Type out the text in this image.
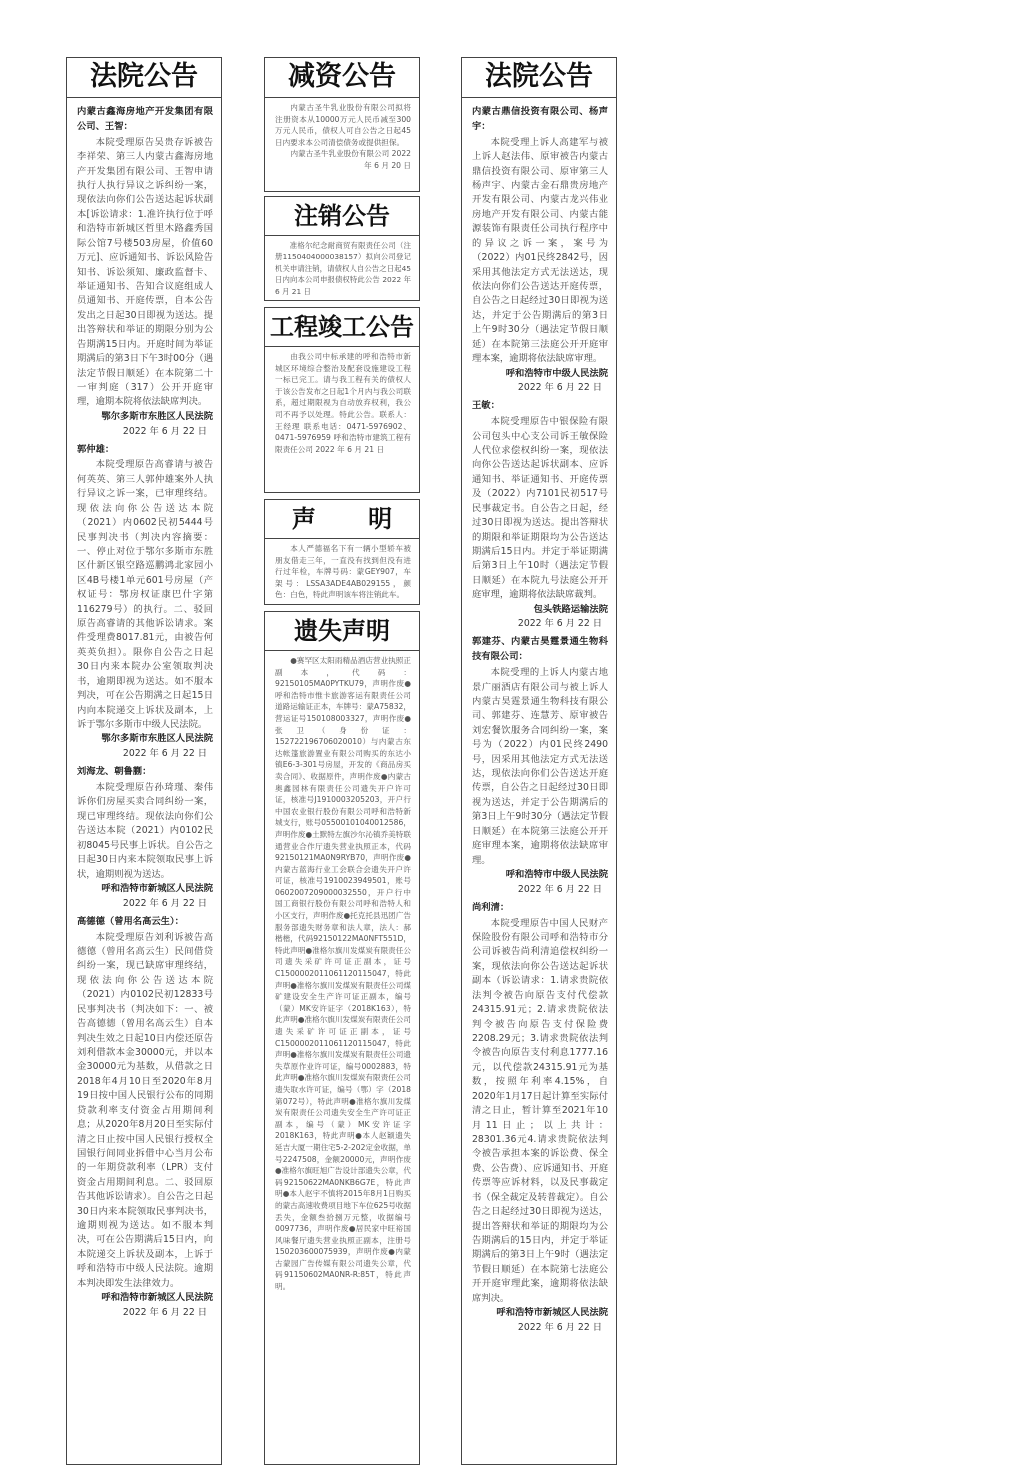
法院公告

内蒙古鑫海房地产开发集团有限公司、王智：

本院受理原告吴贵存诉被告李祥荣、第三人内蒙古鑫海房地产开发集团有限公司、王智申请执行人执行异议之诉纠纷一案，现依法向你们公告送达起诉状副本[诉讼请求：1.准许执行位于呼和浩特市新城区哲里木路鑫秀国际公馆7号楼503房屋，价值60万元]、应诉通知书、诉讼风险告知书、诉讼须知、廉政监督卡、举证通知书、告知合议庭组成人员通知书、开庭传票，自本公告发出之日起30日即视为送达。提出答辩状和举证的期限分别为公告期满15日内。开庭时间为举证期满后的第3日下午3时00分（遇法定节假日顺延）在本院第二十一审判庭（317）公开开庭审理，逾期本院将依法缺席判决。

鄂尔多斯市东胜区人民法院

2022 年 6 月 22 日

郭仲雄：

本院受理原告高睿请与被告何英英、第三人郭仲雄案外人执行异议之诉一案，已审理终结。现依法向你公告送达本院（2021）内0602民初5444号民事判决书（判决内容摘要：一、停止对位于鄂尔多斯市东胜区什新区银空路巡鹏鸿北家园小区4B号楼1单元601号房屋（产权证号：鄂房权证康巴什字第116279号）的执行。二、驳回原告高睿请的其他诉讼请求。案件受理费8017.81元，由被告何英英负担）。限你自公告之日起30日内来本院办公室领取判决书，逾期即视为送达。如不服本判决，可在公告期满之日起15日内向本院递交上诉状及副本，上诉于鄂尔多斯市中级人民法院。

鄂尔多斯市东胜区人民法院

2022 年 6 月 22 日

刘海龙、朝鲁蒯：

本院受理原告孙琦瑾、秦伟诉你们房屋买卖合同纠纷一案，现已审理终结。现依法向你们公告送达本院（2021）内0102民初8045号民事上诉状。自公告之日起30日内来本院领取民事上诉状，逾期则视为送达。

呼和浩特市新城区人民法院

2022 年 6 月 22 日

高德德（曾用名高云生）：

本院受理原告刘利诉被告高德德（曾用名高云生）民间借贷纠纷一案，现已缺席审理终结，现依法向你公告送达本院（2021）内0102民初12833号民事判决书（判决如下：一、被告高德德（曾用名高云生）自本判决生效之日起10日内偿还原告刘利借款本金30000元，并以本金30000元为基数，从借款之日2018年4月10日至2020年8月19日按中国人民银行公布的同期贷款利率支付资金占用期间利息；从2020年8月20日至实际付清之日止按中国人民银行授权全国银行间同业拆借中心当月公布的一年期贷款利率（LPR）支付资金占用期间利息。二、驳回原告其他诉讼请求）。自公告之日起30日内来本院领取民事判决书，逾期则视为送达。如不服本判决，可在公告期满后15日内，向本院递交上诉状及副本，上诉于呼和浩特市中级人民法院。逾期本判决即发生法律效力。

呼和浩特市新城区人民法院

2022 年 6 月 22 日

减资公告

内蒙古圣牛乳业股份有限公司拟将注册资本从10000万元人民币减至300万元人民币，债权人可自公告之日起45日内要求本公司清偿债务或提供担保。

内蒙古圣牛乳业股份有限公司 2022 年 6 月 20 日

注销公告

准格尔纪念耐商贸有限责任公司（注册1150404000038157）拟向公司登记机关申请注销，请债权人自公告之日起45日内向本公司申报债权特此公告 2022 年 6 月 21 日

工程竣工公告

由我公司中标承建的呼和浩特市新城区环境综合整治及配套设施建设工程一标已完工。请与我工程有关的债权人于该公告发布之日起1个月内与我公司联系，超过期限视为自动放弃权利，我公司不再予以处理。特此公告。联系人：王经理 联系电话：0471-5976902、0471-5976959 呼和浩特市建筑工程有限责任公司 2022 年 6 月 21 日

声 明

本人严德福名下有一辆小型轿车被朋友借走三年，一直没有找到但没有进行过年检，车牌号码：蒙GEY907，车架号：LSSA3ADE4AB029155，颜色：白色，特此声明该车将注销此车。

遗失声明

●赛罕区太阳雨精品酒店营业执照正副本，代码：92150105MA0PYTKU79，声明作废●呼和浩特市惟卡旅游客运有限责任公司道路运输证正本，车牌号：蒙A75832，营运证号150108003327，声明作废●张卫（身份证：152722196706020010）与内蒙古东达帐篷旅游置业有限公司购买的东达小镇E6-3-301号房屋，开发的《商品房买卖合同》、收据原件，声明作废●内蒙古奥鑫园林有限责任公司遗失开户许可证，核准号J1910003205203，开户行中国农业银行股份有限公司呼和浩特新城支行，账号05500101040012586，声明作废●土默特左旗沙尔沁镇乔美特联通营业合作厅遗失营业执照正本，代码92150121MA0N9RYB70，声明作废●内蒙古蓝海行业工会联合会遗失开户许可证，核准号1910023949501，账号0602007209000032550，开户行中国工商银行股份有限公司呼和浩特人和小区支行，声明作废●托克托县迅团广告服务部遗失财务章和法人章，法人：郝楷楷，代码92150122MA0NFT551D，特此声明●准格尔旗川发煤炭有限责任公司遗失采矿许可证正副本，证号C1500002011061120115047，特此声明●准格尔旗川发煤炭有限责任公司煤矿建设安全生产许可证正副本，编号（蒙）MK安许证字（2018K163），特此声明●准格尔旗川发煤炭有限责任公司遗失采矿许可证正副本，证号C1500002011061120115047，特此声明●准格尔旗川发煤炭有限责任公司遗失草原作业许可证，编号0002883，特此声明●准格尔旗川发煤炭有限责任公司遗失取水许可证，编号（鄂）字（2018第072号），特此声明●准格尔旗川发煤炭有限责任公司遗失安全生产许可证正副本，编号（蒙）MK安许证字2018K163，特此声明●本人赵颖遗失延吉大厦一期住宅5-2-202定金收据，单号2247508，金额20000元，声明作废●准格尔旗旺旭广告设计部遗失公章，代码92150622MA0NKB6G7E，特此声明●本人赵宇不慎将2015年8月1日购买的蒙古高速收费项目地下车位625号收据丢失，金额叁拾捌万元整，收据编号0097736，声明作废●居民家中旺裕国风味餐厅遗失营业执照正副本，注册号150203600075939，声明作废●内蒙古蒙园广告传媒有限公司遗失公章，代码91150602MA0NR-R:85T，特此声明。

法院公告

内蒙古鼎信投资有限公司、杨声宇：

本院受理上诉人高建军与被上诉人赵法伟、原审被告内蒙古鼎信投资有限公司、原审第三人杨声宇、内蒙古金石鼎贵房地产开发有限公司、内蒙古龙兴伟业房地产开发有限公司、内蒙古能源装饰有限责任公司执行程序中的异议之诉一案，案号为（2022）内01民终2842号，因采用其他法定方式无法送达，现依法向你们公告送达开庭传票，自公告之日起经过30日即视为送达，并定于公告期满后的第3日上午9时30分（遇法定节假日顺延）在本院第三法庭公开开庭审理本案，逾期将依法缺席审理。

呼和浩特市中级人民法院

2022 年 6 月 22 日

王敏：

本院受理原告中银保险有限公司包头中心支公司诉王敏保险人代位求偿权纠纷一案，现依法向你公告送达起诉状副本、应诉通知书、举证通知书、开庭传票及（2022）内7101民初517号民事裁定书。自公告之日起，经过30日即视为送达。提出答辩状的期限和举证期限均为公告送达期满后15日内。并定于举证期满后第3日上午10时（遇法定节假日顺延）在本院九号法庭公开开庭审理，逾期将依法缺席裁判。

包头铁路运输法院

2022 年 6 月 22 日

郭建芬、内蒙古昊霆景通生物科技有限公司：

本院受理的上诉人内蒙古地景广丽酒店有限公司与被上诉人内蒙古昊霆景通生物科技有限公司、郭建芬、连慧芳、原审被告刘宏餐饮服务合同纠纷一案，案号为（2022）内01民终2490号，因采用其他法定方式无法送达，现依法向你们公告送达开庭传票，自公告之日起经过30日即视为送达，并定于公告期满后的第3日上午9时30分（遇法定节假日顺延）在本院第三法庭公开开庭审理本案，逾期将依法缺席审理。

呼和浩特市中级人民法院

2022 年 6 月 22 日

尚利清：

本院受理原告中国人民财产保险股份有限公司呼和浩特市分公司诉被告尚利清追偿权纠纷一案，现依法向你公告送达起诉状副本（诉讼请求：1.请求贵院依法判令被告向原告支付代偿款24315.91元；2.请求贵院依法判令被告向原告支付保险费2208.29元；3.请求贵院依法判令被告向原告支付利息1777.16元，以代偿款24315.91元为基数，按照年利率4.15%，自2020年1月17日起计算至实际付清之日止，暂计算至2021年10月11日止；以上共计：28301.36元4.请求贵院依法判令被告承担本案的诉讼费、保全费、公告费）、应诉通知书、开庭传票等应诉材料，以及民事裁定书（保全裁定及转普裁定）。自公告之日起经过30日即视为送达，提出答辩状和举证的期限均为公告期满后的15日内，并定于举证期满后的第3日上午9时（遇法定节假日顺延）在本院第七法庭公开开庭审理此案，逾期将依法缺席判决。

呼和浩特市新城区人民法院

2022 年 6 月 22 日
